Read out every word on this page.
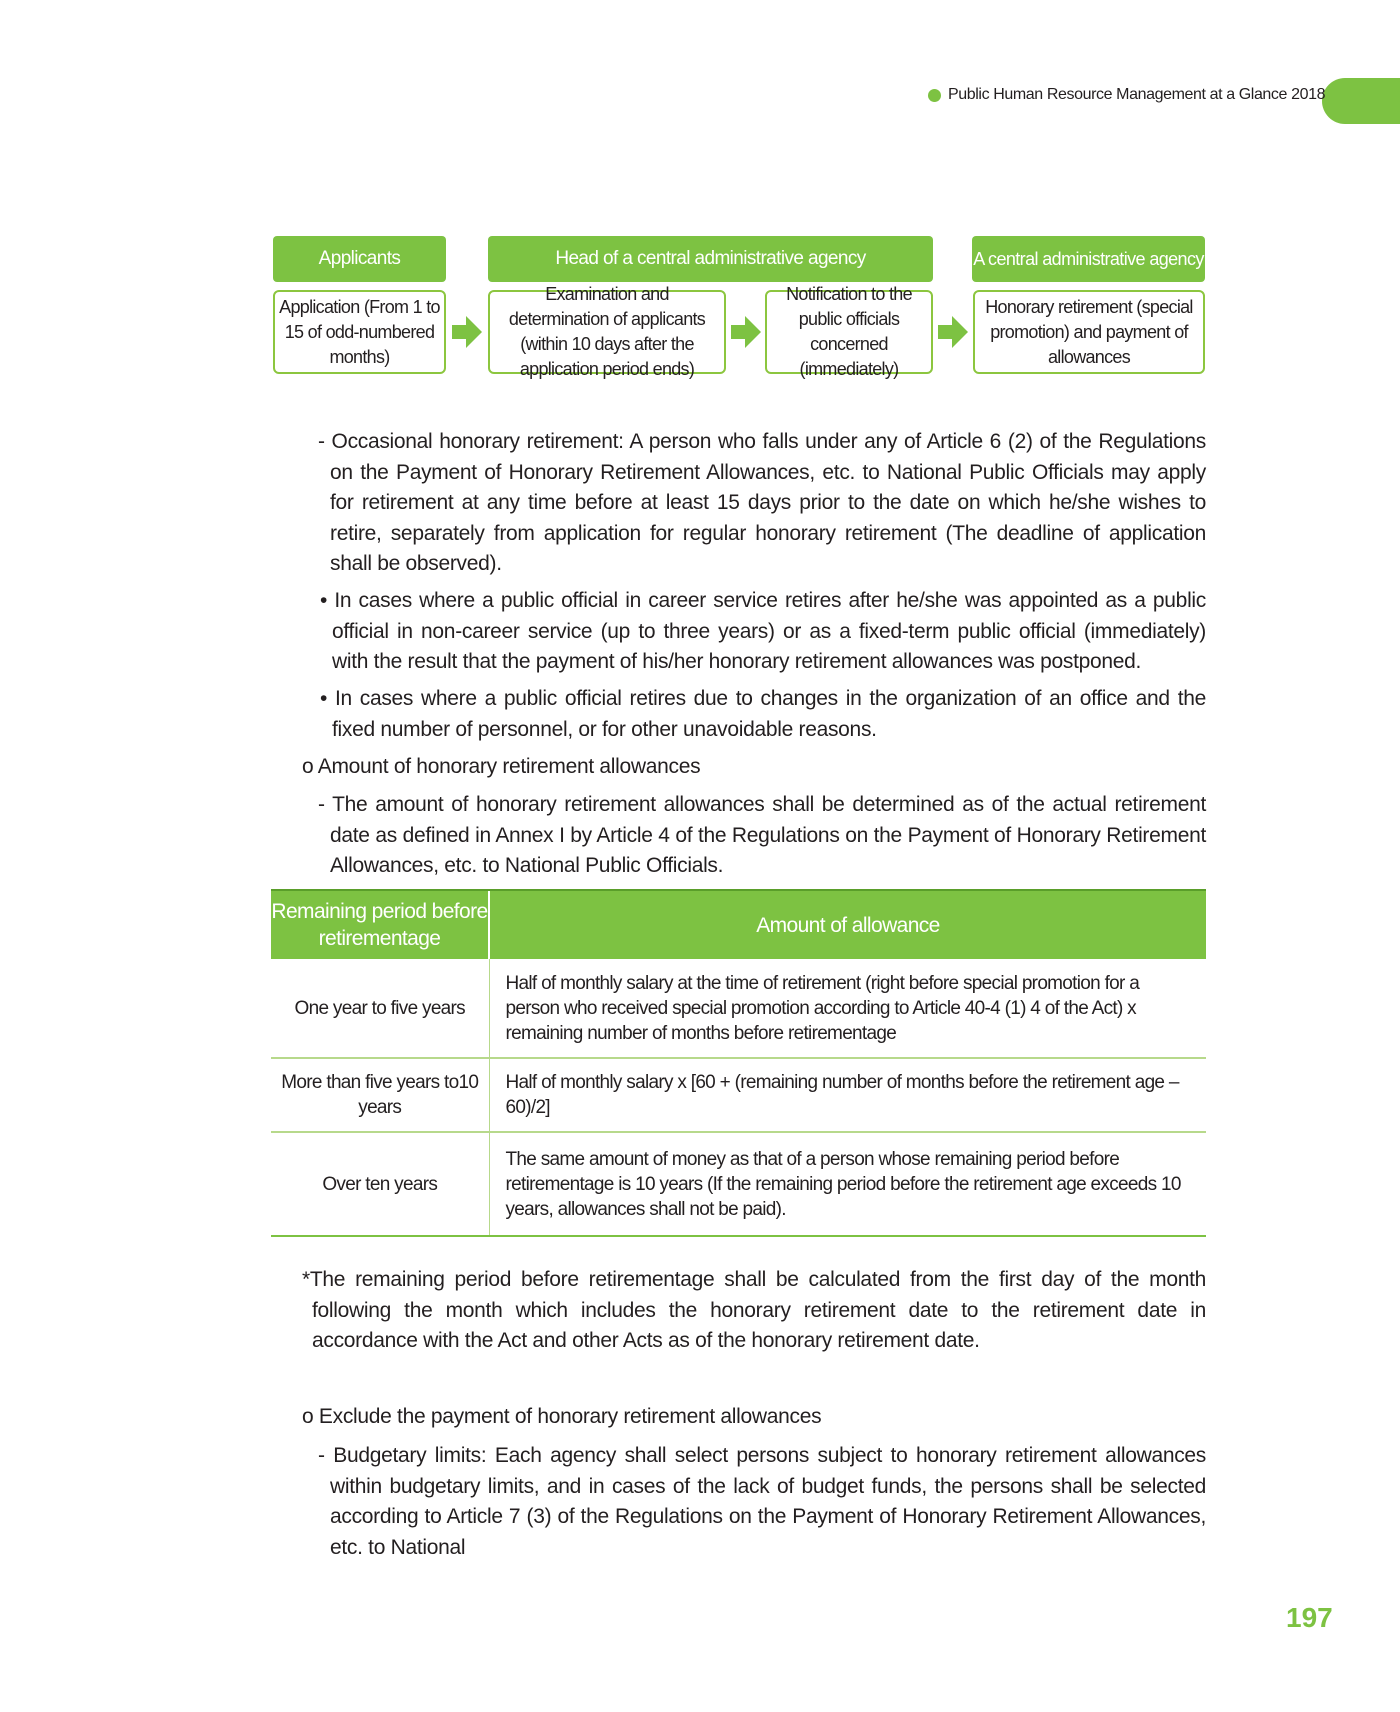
Public Human Resource Management at a Glance 2018
Applicants	Head of a central administrative agency	A central administrative agency
Application (From 1 to 15 of odd-numbered months)
Examination and determination of applicants (within 10 days after the application period ends)
Notification to the public officials concerned (immediately)
Honorary retirement (special promotion) and payment of allowances

- Occasional honorary retirement: A person who falls under any of Article 6 (2) of the Regulations on the Payment of Honorary Retirement Allowances, etc. to National Public Officials may apply for retirement at any time before at least 15 days prior to the date on which he/she wishes to retire, separately from application for regular honorary retirement (The deadline of application shall be observed).

• In cases where a public official in career service retires after he/she was appointed as a public official in non-career service (up to three years) or as a fixed-term public official (immediately) with the result that the payment of his/her honorary retirement allowances was postponed.

• In cases where a public official retires due to changes in the organization of an office and the fixed number of personnel, or for other unavoidable reasons.

o Amount of honorary retirement allowances

- The amount of honorary retirement allowances shall be determined as of the actual retirement date as defined in Annex I by Article 4 of the Regulations on the Payment of Honorary Retirement Allowances, etc. to National Public Officials.

Remaining period before retirementage	Amount of allowance
One year to five years	Half of monthly salary at the time of retirement (right before special promotion for a person who received special promotion according to Article 40-4 (1) 4 of the Act) x remaining number of months before retirementage
More than five years to10 years	Half of monthly salary x [60 + (remaining number of months before the retirement age – 60)/2]
Over ten years	The same amount of money as that of a person whose remaining period before retirementage is 10 years (If the remaining period before the retirement age exceeds 10 years, allowances shall not be paid).

*The remaining period before retirementage shall be calculated from the first day of the month following the month which includes the honorary retirement date to the retirement date in accordance with the Act and other Acts as of the honorary retirement date.

o Exclude the payment of honorary retirement allowances

- Budgetary limits: Each agency shall select persons subject to honorary retirement allowances within budgetary limits, and in cases of the lack of budget funds, the persons shall be selected according to Article 7 (3) of the Regulations on the Payment of Honorary Retirement Allowances, etc. to National

197
